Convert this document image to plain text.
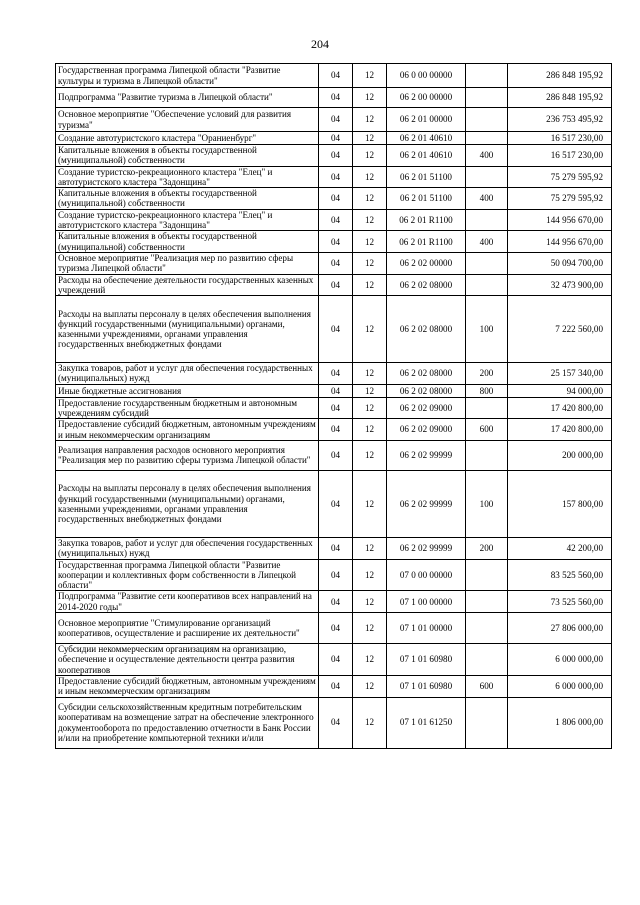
204
Государственная программа Липецкой области "Развитие культуры и туризма в Липецкой области"	04	12	06 0 00 00000		286 848 195,92
Подпрограмма "Развитие туризма в Липецкой области"	04	12	06 2 00 00000		286 848 195,92
Основное мероприятие "Обеспечение условий для развития туризма"	04	12	06 2 01 00000		236 753 495,92
Создание автотуристского кластера "Ораниенбург"	04	12	06 2 01 40610		16 517 230,00
Капитальные вложения в объекты государственной (муниципальной) собственности	04	12	06 2 01 40610	400	16 517 230,00
Создание туристско-рекреационного кластера "Елец" и автотуристского кластера "Задонщина"	04	12	06 2 01 51100		75 279 595,92
Капитальные вложения в объекты государственной (муниципальной) собственности	04	12	06 2 01 51100	400	75 279 595,92
Создание туристско-рекреационного кластера "Елец" и автотуристского кластера "Задонщина"	04	12	06 2 01 R1100		144 956 670,00
Капитальные вложения в объекты государственной (муниципальной) собственности	04	12	06 2 01 R1100	400	144 956 670,00
Основное мероприятие "Реализация мер по развитию сферы туризма Липецкой области"	04	12	06 2 02 00000		50 094 700,00
Расходы на обеспечение деятельности государственных казенных учреждений	04	12	06 2 02 08000		32 473 900,00
Расходы на выплаты персоналу в целях обеспечения выполнения функций государственными (муниципальными) органами, казенными учреждениями, органами управления государственных внебюджетных фондами	04	12	06 2 02 08000	100	7 222 560,00
Закупка товаров, работ и услуг для обеспечения государственных (муниципальных) нужд	04	12	06 2 02 08000	200	25 157 340,00
Иные бюджетные ассигнования	04	12	06 2 02 08000	800	94 000,00
Предоставление государственным бюджетным и автономным учреждениям субсидий	04	12	06 2 02 09000		17 420 800,00
Предоставление субсидий бюджетным, автономным учреждениям и иным некоммерческим организациям	04	12	06 2 02 09000	600	17 420 800,00
Реализация направления расходов основного мероприятия "Реализация мер по развитию сферы туризма Липецкой области"	04	12	06 2 02 99999		200 000,00
Расходы на выплаты персоналу в целях обеспечения выполнения функций государственными (муниципальными) органами, казенными учреждениями, органами управления государственных внебюджетных фондами	04	12	06 2 02 99999	100	157 800,00
Закупка товаров, работ и услуг для обеспечения государственных (муниципальных) нужд	04	12	06 2 02 99999	200	42 200,00
Государственная программа Липецкой области "Развитие кооперации и коллективных форм собственности в Липецкой области"	04	12	07 0 00 00000		83 525 560,00
Подпрограмма "Развитие сети кооперативов всех направлений на 2014-2020 годы"	04	12	07 1 00 00000		73 525 560,00
Основное мероприятие "Стимулирование организаций кооперативов, осуществление и расширение их деятельности"	04	12	07 1 01 00000		27 806 000,00
Субсидии некоммерческим организациям на организацию, обеспечение и осуществление деятельности центра развития кооперативов	04	12	07 1 01 60980		6 000 000,00
Предоставление субсидий бюджетным, автономным учреждениям и иным некоммерческим организациям	04	12	07 1 01 60980	600	6 000 000,00
Субсидии сельскохозяйственным кредитным потребительским кооперативам на возмещение затрат на обеспечение электронного документооборота по предоставлению отчетности в Банк России и/или на приобретение компьютерной техники и/или	04	12	07 1 01 61250		1 806 000,00
